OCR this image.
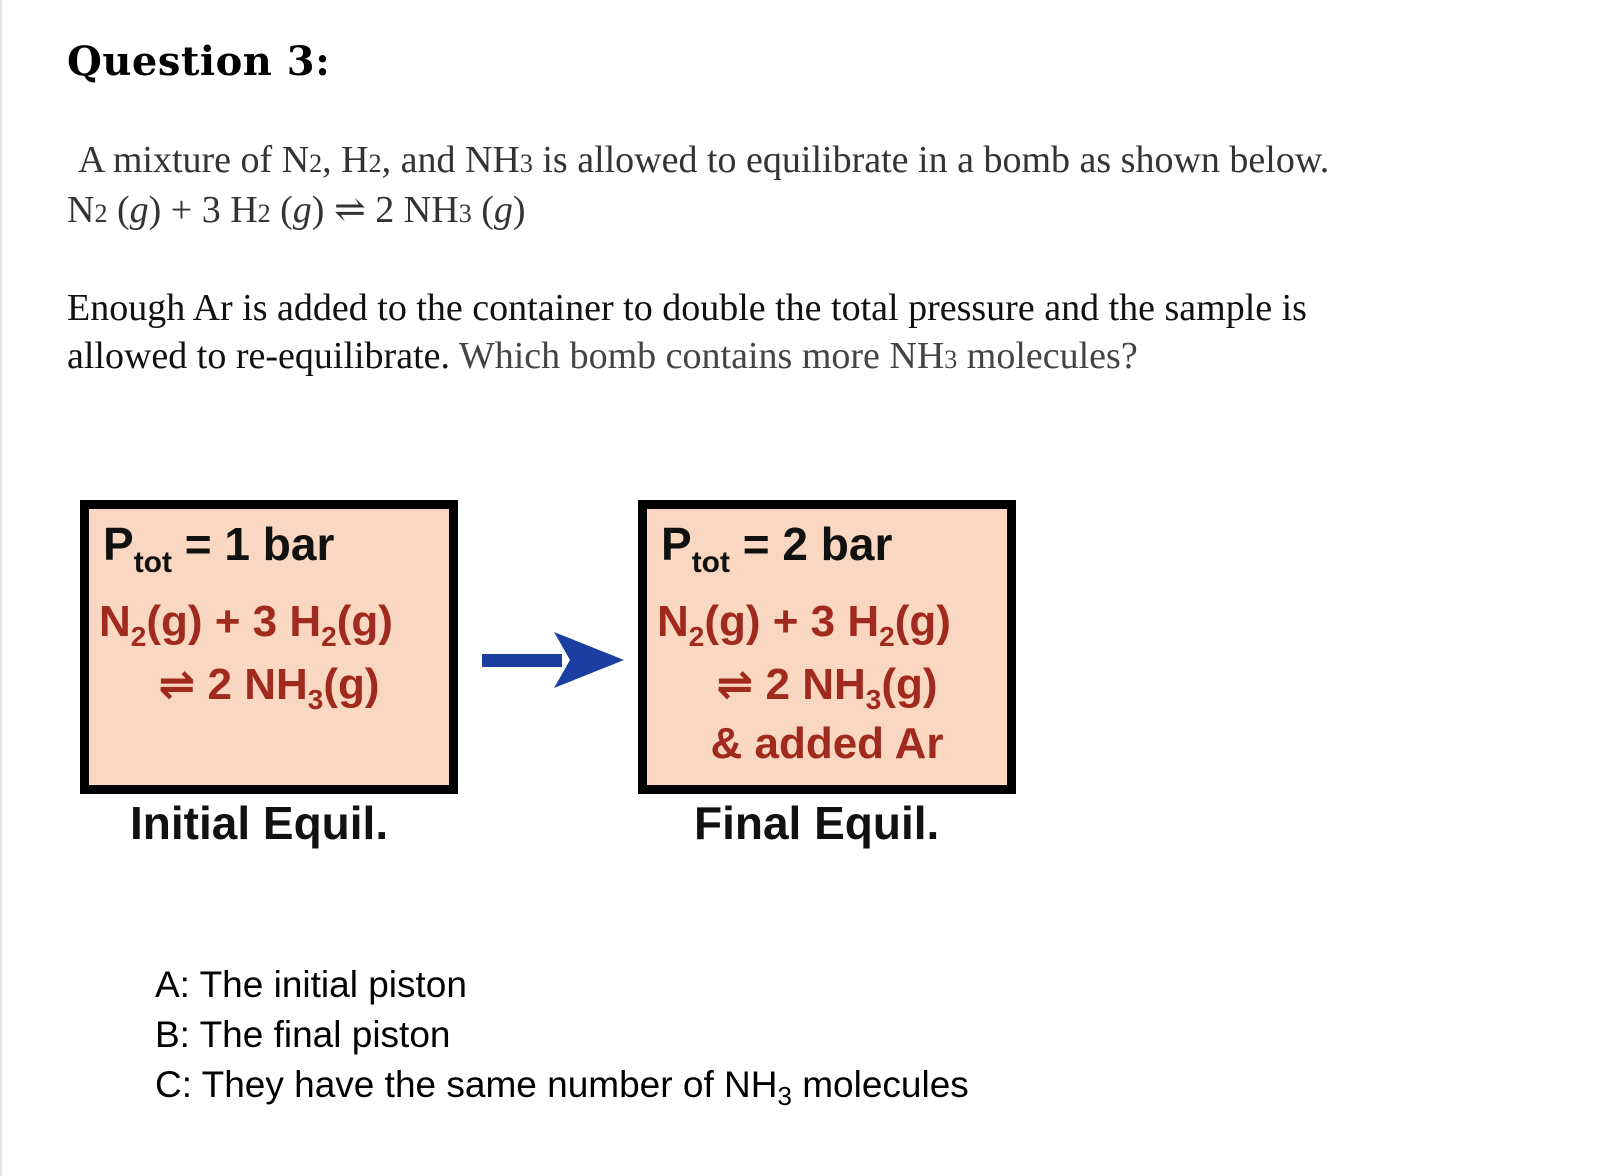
Question 3:
A mixture of N2, H2, and NH3 is allowed to equilibrate in a bomb as shown below.
N2 (g) + 3 H2 (g) ⇌ 2 NH3 (g)
Enough Ar is added to the container to double the total pressure and the sample is
allowed to re-equilibrate. Which bomb contains more NH3 molecules?
$P_{tot} = 1$ bar
$N_2(g) + 3$ $H_2(g)$
⇌ 2 $NH_3(g)$
$P_{tot} = 2$ bar
$N_2(g) + 3$ $H_2(g)$
⇌ 2 $NH_3(g)$
& added Ar
Initial Equil.	Final Equil.
A: The initial piston
B: The final piston
C: They have the same number of $NH_3$ molecules
